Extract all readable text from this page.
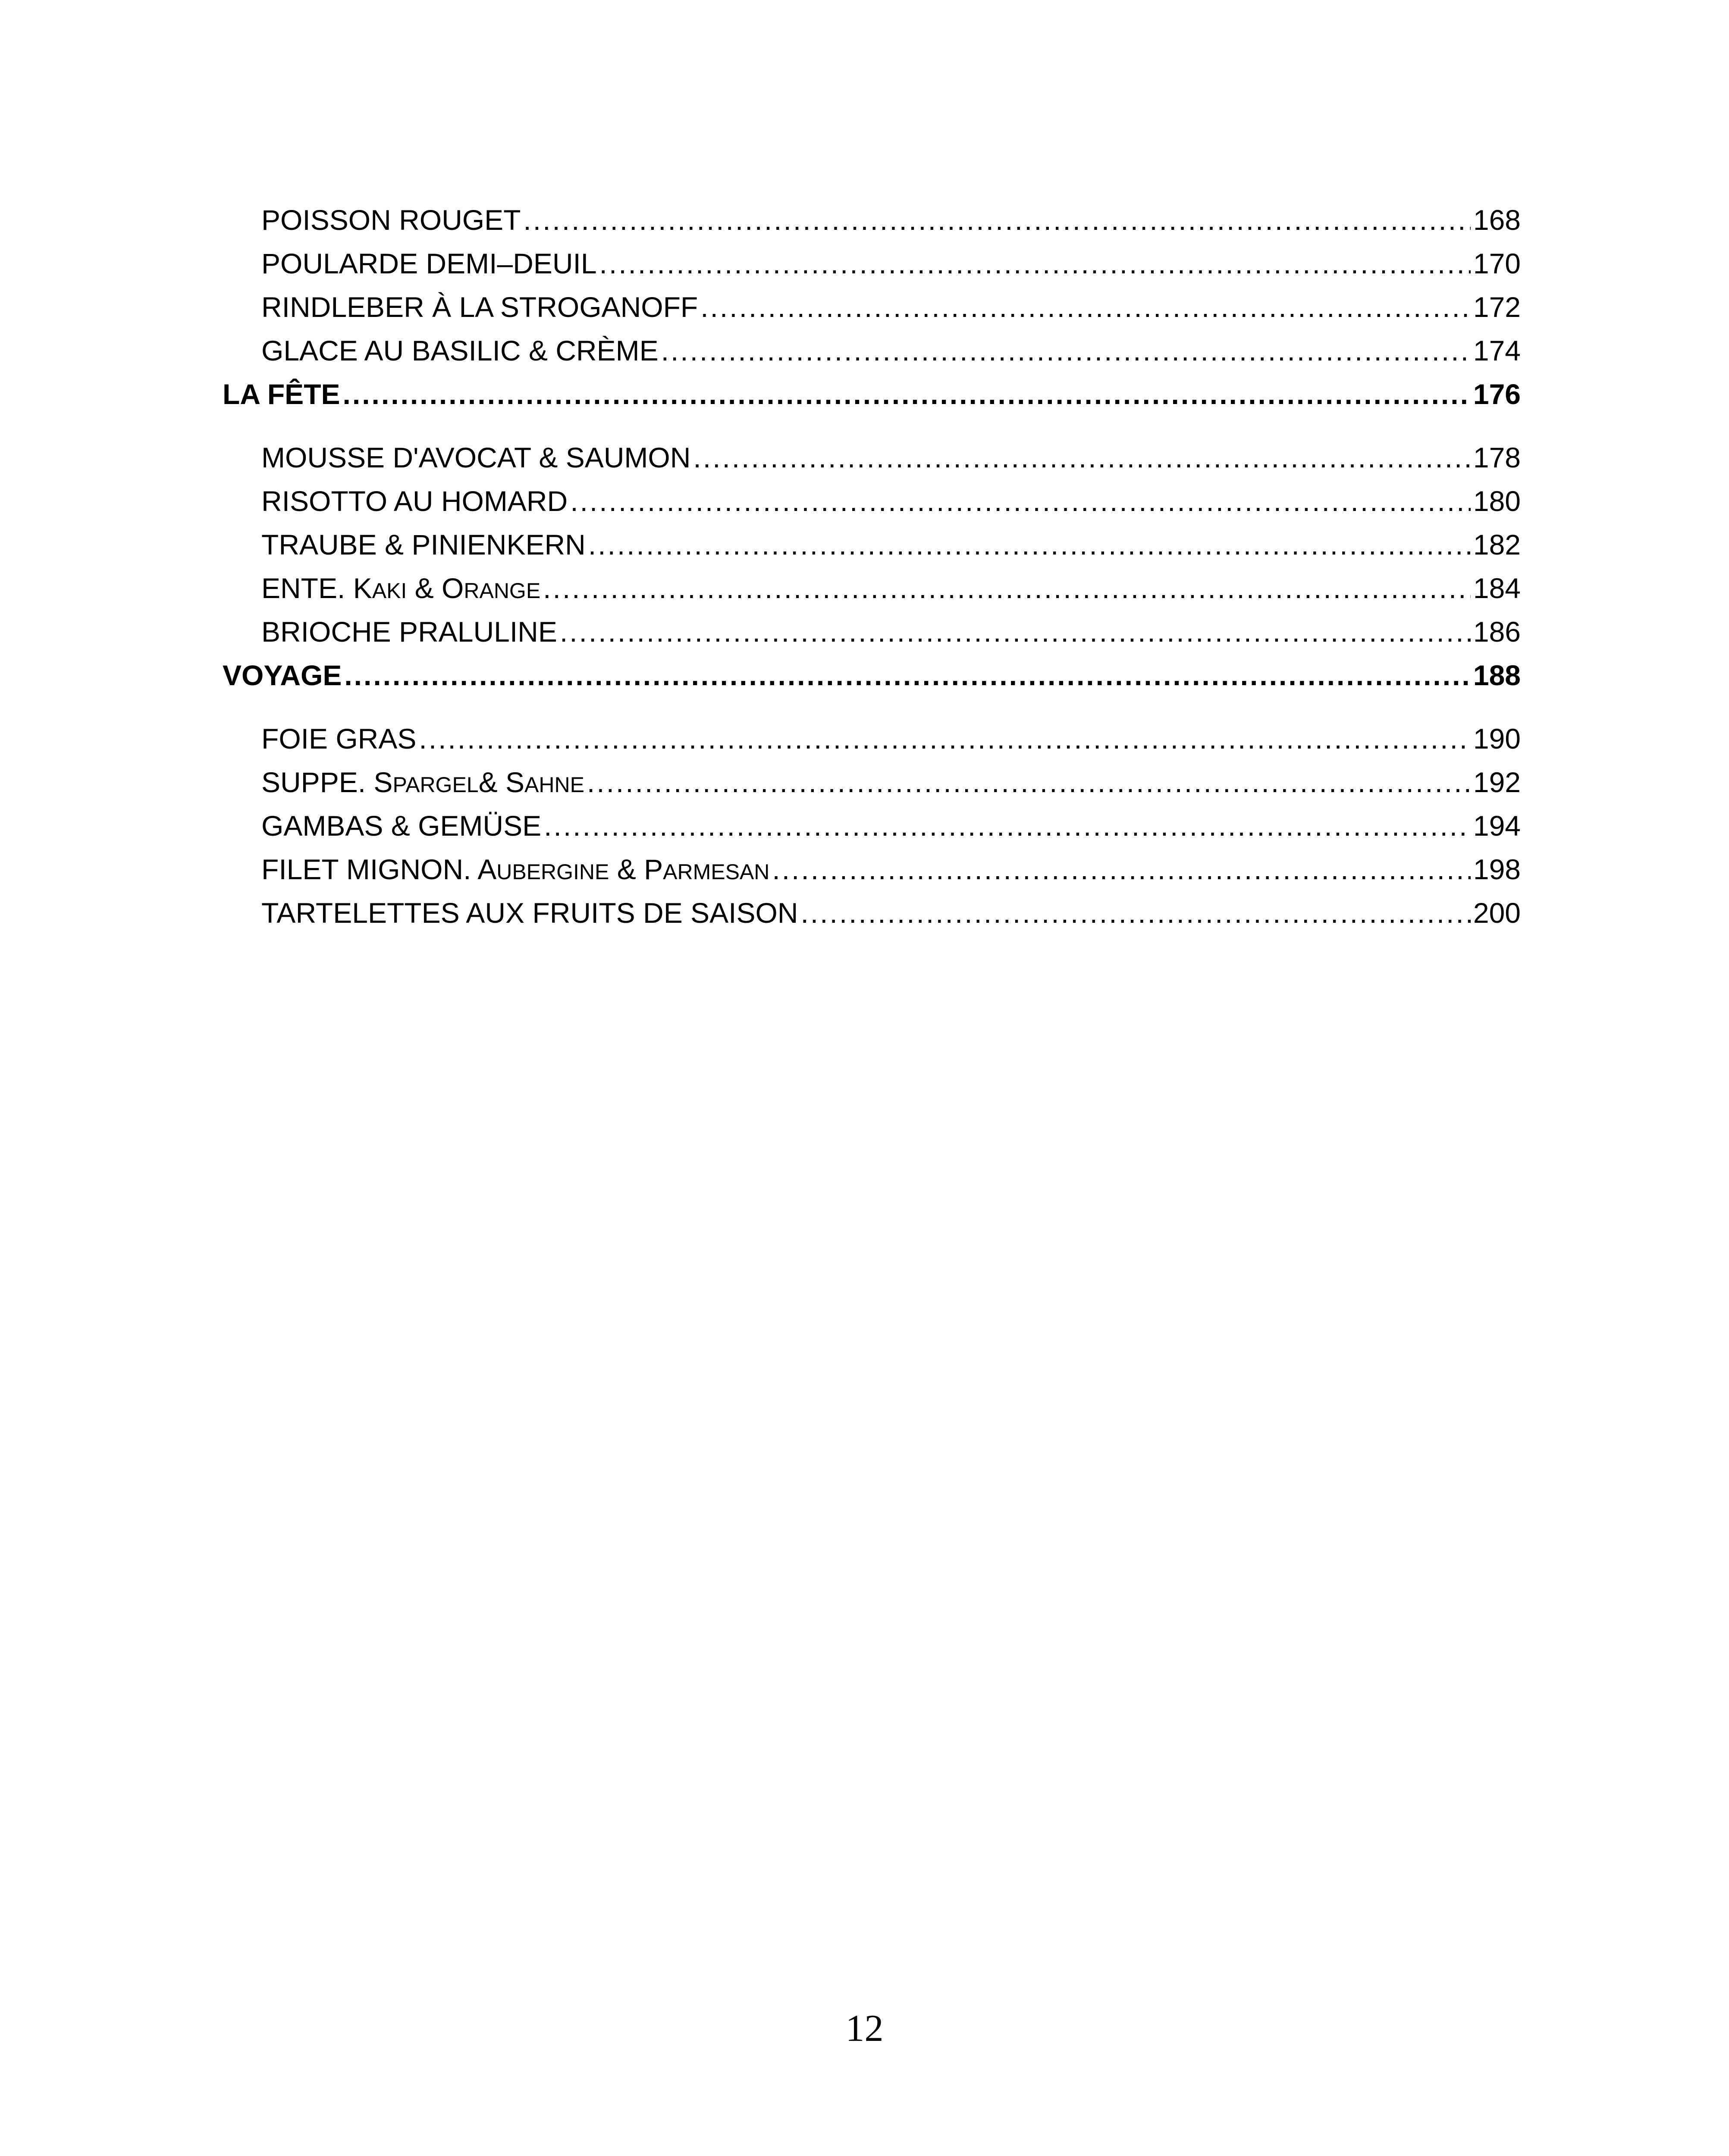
POISSON ROUGET .....	168
POULARDE DEMI–DEUIL .....	170
RINDLEBER À LA STROGANOFF .....	172
GLACE AU BASILIC & CRÈME .....	174
LA FÊTE .....	176
MOUSSE D'AVOCAT & SAUMON .....	178
RISOTTO AU HOMARD .....	180
TRAUBE & PINIENKERN .....	182
ENTE. KAKI & ORANGE .....	184
BRIOCHE PRALULINE .....	186
VOYAGE .....	188
FOIE GRAS .....	190
SUPPE. SPARGEL& SAHNE .....	192
GAMBAS & GEMÜSE .....	194
FILET MIGNON. AUBERGINE & PARMESAN .....	198
TARTELETTES AUX FRUITS DE SAISON .....	200
12
